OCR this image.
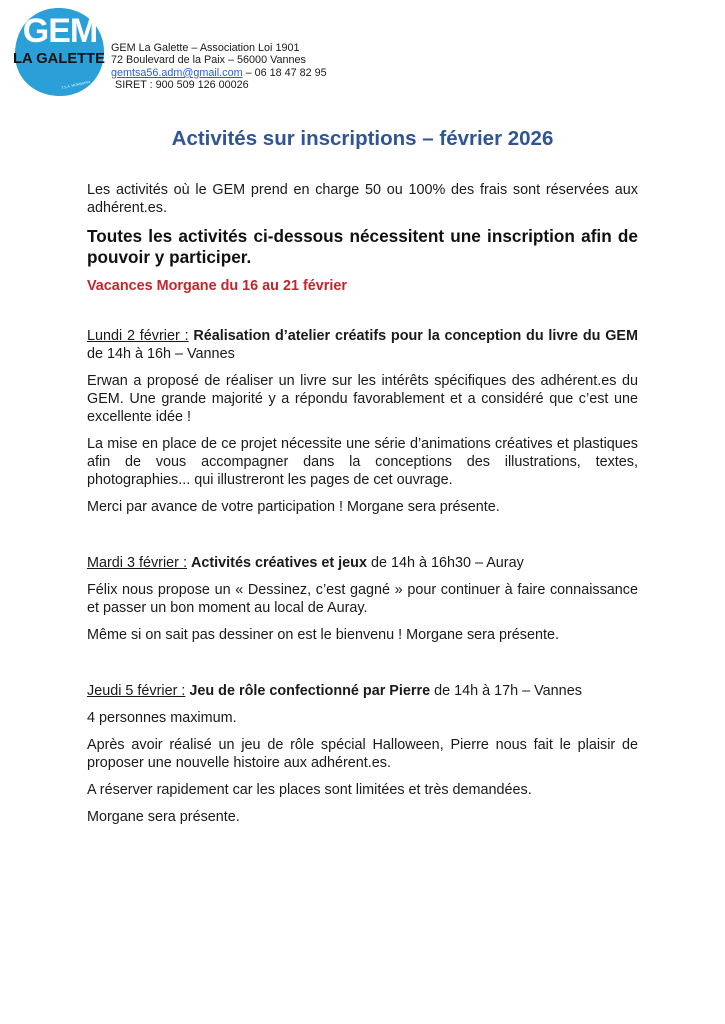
GEM
LA GALETTE
T.S.A. MORBIHAN
GEM La Galette – Association Loi 1901
72 Boulevard de la Paix – 56000 Vannes
gemtsa56.adm@gmail.com – 06 18 47 82 95
SIRET : 900 509 126 00026
Activités sur inscriptions – février 2026

Les activités où le GEM prend en charge 50 ou 100% des frais sont réservées aux adhérent.es.

Toutes les activités ci-dessous nécessitent une inscription afin de pouvoir y participer.

Vacances Morgane du 16 au 21 février

Lundi 2 février : Réalisation d’atelier créatifs pour la conception du livre du GEM de 14h à 16h – Vannes

Erwan a proposé de réaliser un livre sur les intérêts spécifiques des adhérent.es du GEM. Une grande majorité y a répondu favorablement et a considéré que c’est une excellente idée !

La mise en place de ce projet nécessite une série d’animations créatives et plastiques afin de vous accompagner dans la conceptions des illustrations, textes, photographies... qui illustreront les pages de cet ouvrage.

Merci par avance de votre participation ! Morgane sera présente.

Mardi 3 février : Activités créatives et jeux de 14h à 16h30 – Auray

Félix nous propose un « Dessinez, c’est gagné » pour continuer à faire connaissance et passer un bon moment au local de Auray.

Même si on sait pas dessiner on est le bienvenu ! Morgane sera présente.

Jeudi 5 février : Jeu de rôle confectionné par Pierre de 14h à 17h – Vannes

4 personnes maximum.

Après avoir réalisé un jeu de rôle spécial Halloween, Pierre nous fait le plaisir de proposer une nouvelle histoire aux adhérent.es.

A réserver rapidement car les places sont limitées et très demandées.

Morgane sera présente.
